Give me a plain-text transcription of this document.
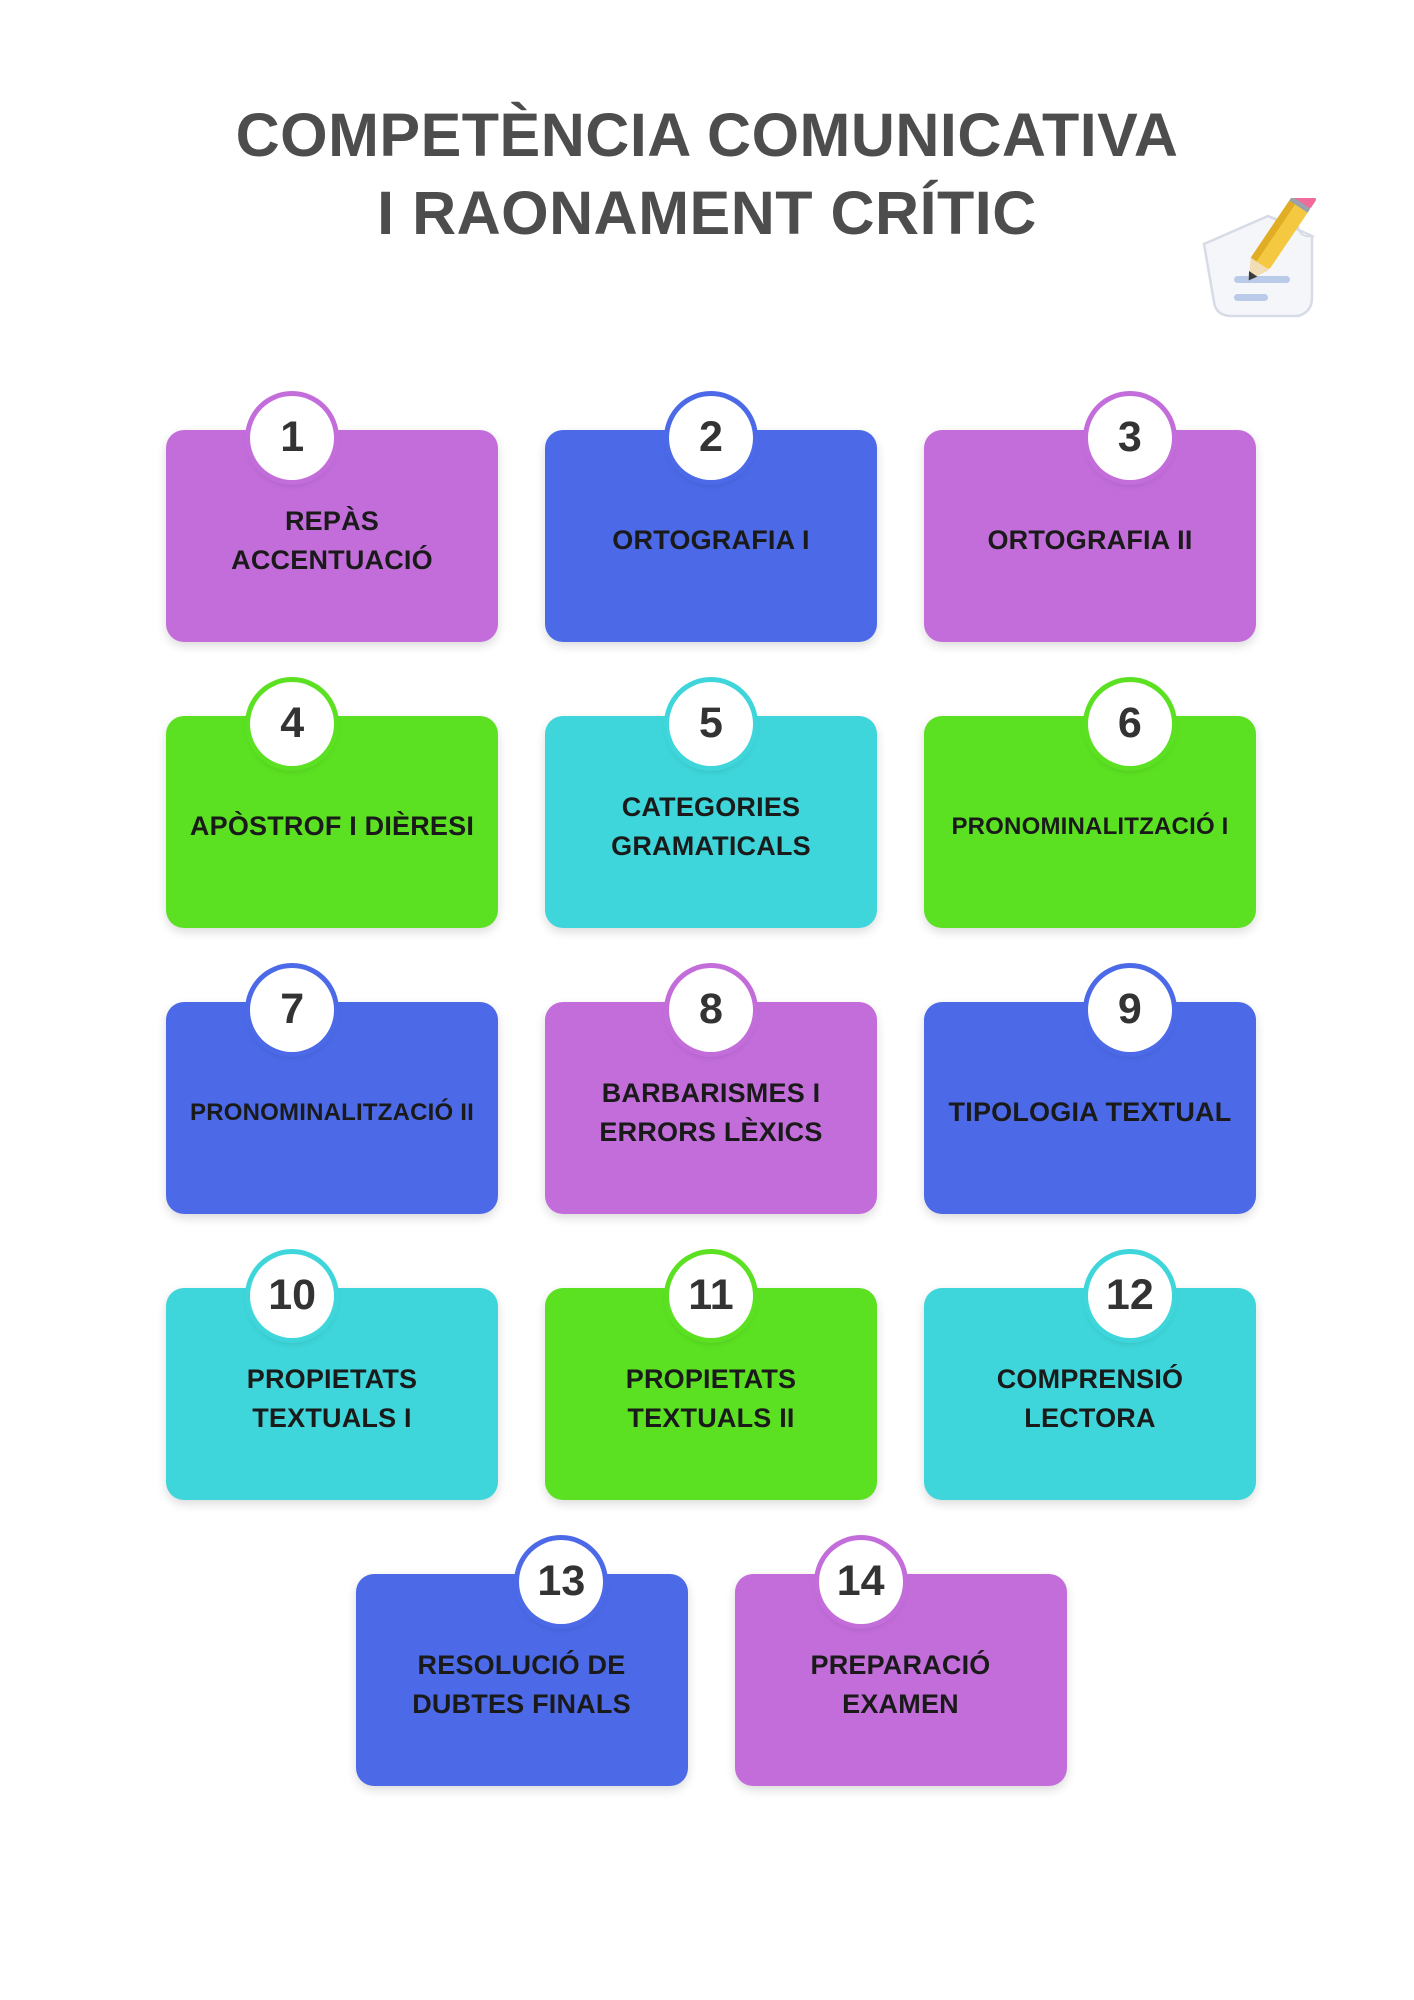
COMPETÈNCIA COMUNICATIVA
I RAONAMENT CRÍTIC
REPÀS ACCENTUACIÓ
1
ORTOGRAFIA I
2
ORTOGRAFIA II
3
APÒSTROF I DIÈRESI
4
CATEGORIES GRAMATICALS
5
PRONOMINALITZACIÓ I
6
PRONOMINALITZACIÓ II
7
BARBARISMES I ERRORS LÈXICS
8
TIPOLOGIA TEXTUAL
9
PROPIETATS TEXTUALS I
10
PROPIETATS TEXTUALS II
11
COMPRENSIÓ LECTORA
12
RESOLUCIÓ DE DUBTES FINALS
13
PREPARACIÓ EXAMEN
14
